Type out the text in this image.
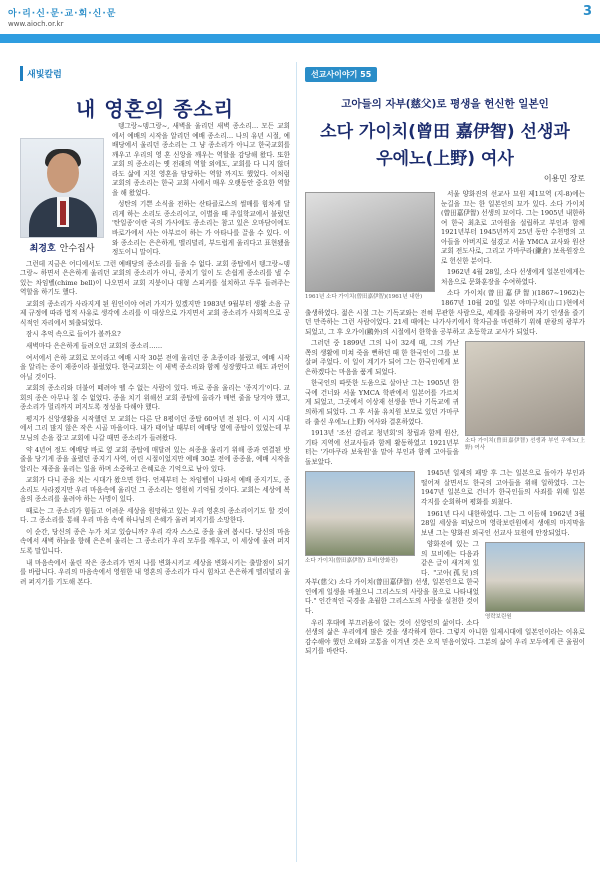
아·리·신·문·교·회·신·문
www.aioch.or.kr
3
새빛칼럼
내 영혼의 종소리
최경호 안수집사

뎅그랑~뎅그랑~, 새벽을 울리던 새벽 종소리… 모든 교회에서 예배의 시작을 알리던 예배 종소리… 나의 유년 시절, 예배당에서 울리던 종소리는 그 냥 종소리가 아니고 한국교회를 깨우고 우리의 영 혼 신앙을 깨우는 역할을 감당해 왔다. 또한 교회 의 종소리는 옛 전래의 역할 외에도, 교회를 다 니지 않더라도 삶에 지친 영혼을 담당하는 역할 까지도 했었다. 이처럼 교회의 종소리는 한국 교회 사에서 매우 오랫동안 중요한 역할을 해 왔었다.

성탄의 기쁜 소식을 전하는 산타클로스의 썰매를 힘차게 달리게 하는 소리도 종소리이고, 이별을 때 주일학교에서 불렀던 '탄일종'이란 곡의 가사에도 종소리는 참고 있은 오마담이에도 바로가에서 사는 아부르이 하는 가 아타나를 끌을 수 있다. 이와 종소리는 은은하게, 멜리뎔리, 부드럽게 울리다고 표현됐을 정도이니 말이다.

그런데 지금은 어디에서도 그런 예배당의 종소리를 들을 수 없다. 교회 종탑에서 뎅그랑~뎅그랑~ 하면서 은은하게 울리던 교회의 종소리가 아니, 종치기 일이 도 손쉽게 종소리를 낼 수 있는 차임벨(chime bell)이 나오면서 교회 지붕이나 대형 스피커를 설치하고 두루 들려주는 역할을 하기도 했다.

교회의 종소리가 사라지게 된 원인이야 여러 가지가 있겠지만 1983년 9월부터 생활 소음 규제 규정에 따라 법적 사유로 생각에 소리를 이 대상으로 가지면서 교회 종소리가 사회적으로 공식적인 자리에서 퇴출되었다.

잠시 추억 속으로 들어가 볼까요?

새벽마다 은은하게 들려오던 교회의 종소리……

여서에서 은하 교회로 모이라고 예배 시작 30분 전에 울리던 종 초종이라 불렀고, 예배 시작을 알리는 종이 재종이라 불렀었다. 한국교회는 이 새벽 종소리와 함께 성장했다고 해도 과언이 아닐 것이다.

교회의 종소리와 더불어 떼려야 뗄 수 없는 사람이 있다. 바로 종을 울리는 '종지기'이다. 교회의 종은 아무나 칠 수 없었다. 종을 치기 위해선 교회 종탑에 올라가 매번 줄을 당겨야 했고, 종소리가 멀리까지 퍼지도록 정성을 다해야 했다.

평지가 신앙생활을 시작했던 모 교회는 다른 단 8평이던 종탑 60여년 전 된다. 이 시지 시대에서 그리 많지 않은 작은 시골 마을이다. 내가 태어날 때부터 예배당 옆에 종탑이 있었는데 부모님의 손을 잡고 교회에 나갈 때면 종소리가 들려왔다.

약 4년여 정도 예배당 바로 옆 교회 종탑에 매달려 있는 쇠종을 울리기 위해 종과 연결된 밧줄을 당기게 종을 울렸던 종지기 사역, 어린 시절이었지만 예배 30분 전에 종종을, 예배 시작을 알리는 재종을 울리는 일을 하며 소중하고 은혜로운 기억으로 남아 있다.

교회가 다니 종을 치는 시대가 왔으면 한다. 언제부터 는 차임벨이 나와서 예배 종지기도, 종소리도 사라졌지만 우리 마음속에 울리던 그 종소리는 영원히 기억될 것이다. 교회는 세상에 복음의 종소리를 울려야 하는 사명이 있다.

때로는 그 종소리가 힘들고 어려운 세상을 원망하고 있는 우리 영혼의 종소리이기도 할 것이다. 그 종소리를 통해 우리 마음 속에 하나님의 은혜가 울려 퍼지기를 소망한다.

이 순간, 당신의 종은 누가 치고 있습니까? 우리 각자 스스로 종을 울려 봅시다. 당신의 마음속에서 새벽 하늘을 향해 은은히 울리는 그 종소리가 우리 모두를 깨우고, 이 세상에 울려 퍼지도록 말입니다.

내 마음속에서 울린 작은 종소리가 먼저 나를 변화시키고 세상을 변화시키는 출발점이 되기를 바랍니다. 우리의 마음속에서 영원한 내 영혼의 종소리가 다시 힘차고 은은하게 멜리뎔리 울려 퍼지기를 기도해 본다.

선교사이야기 55
고아들의 자부(慈父)로 평생을 헌신한 일본인
소다 가이치(曾田 嘉伊智) 선생과
우에노(上野) 여사
이용민 장로
1961년 소다 가이치(曾田嘉伊智)(1961년 내한)

서울 양화진의 선교사 묘원 제1묘역 (지-8)에는 눈길을 끄는 한 일본인의 묘가 있다. 소다 가이치(曾田嘉伊智) 선생의 묘이다. 그는 1905년 내한하여 한국 최초로 고아원을 설립하고 부인과 함께 1921년부터 1945년까지 25년 동안 수천명의 고아들을 아버지로 섬겼고 서울 YMCA 교사와 원산교회 전도사로, 그리고 가마쿠라(鎌倉) 보육원장으로 헌신한 분이다.

1962년 4월 28일, 소다 선생에게 일본인에게는 처음으로 문화훈장을 수여하였다.

소다 가이치(曾田嘉伊智)(1867~1962)는 1867년 10월 20일 일본 야마구치(山口)현에서 출생하였다. 젊은 시절 그는 기독교와는 전혀 무관한 사람으로, 세계를 유랑하며 자기 인생을 즐기던 만족하는 그런 사람이었다. 21세 때에는 나가사키에서 학자금을 마련하기 위해 판광의 광부가 되었고, 그 후 오가이(鷗外)의 시절에서 한학을 공부하고 초등학교 교사가 되었다.

소다 가이치(曾田嘉伊智) 선생과 부인 우에노(上野) 여사

그러던 중 1899년 그의 나이 32세 때, 그의 가난 쪽의 생활에 미쳐 죽을 뻔하던 때 한 한국인이 그를 보살펴 주었다. 이 일이 계기가 되어 그는 한국인에게 보은하겠다는 마음을 품게 되었다.

한국인의 따뜻한 도움으로 살아난 그는 1905년 한국에 건너와 서울 YMCA 학관에서 일본어를 가르치게 되었고, 그곳에서 이상재 선생을 만나 기독교에 귀의하게 되었다. 그 후 서울 유치원 보모로 있던 가마쿠라 출신 우에노(上野) 여사와 결혼하였다.

1913년 '조선 감리교 청년회'의 창립과 함께 원산, 기타 지역에 선교사들과 함께 활동하였고 1921년부터는 '가마쿠라 보육원'을 맡아 부인과 함께 고아들을 돌보았다.

소다 가이치(曾田嘉伊智) 묘비(양화진)

1945년 일제의 패망 후 그는 일본으로 돌아가 부인과 떨어져 살면서도 한국의 고아들을 위해 일하였다. 그는 1947년 일본으로 건너가 한국인들의 사죄를 위해 일본 각지를 순회하며 평화를 외쳤다.

1961년 다시 내한하였다. 그는 그 이듬해 1962년 3월 28일 세상을 떠났으며 영락보린원에서 생애의 마지막을 보낸 그는 양화진 외국인 선교사 묘원에 안장되었다.

영락보린원

양화진에 있는 그의 묘비에는 다음과 같은 글이 새겨져 있다. "고아(孤兒)의 자부(慈父) 소다 가이치(曾田嘉伊智) 선생, 일본인으로 한국인에게 일생을 바쳤으니 그리스도의 사랑을 몸으로 나타내었다." 인간적인 국경을 초월한 그리스도의 사랑을 실천한 것이다.

우리 후대에 부끄러움이 없는 것이 신앙인의 삶이다. 소다 선생의 삶은 우리에게 많은 것을 생각하게 한다. 그렇지 아니한 일제시대에 일본인이라는 이유로 감수해야 했던 오해와 고통을 이겨낸 것은 오직 믿음이었다. 그분의 삶이 우리 모두에게 큰 울림이 되기를 바란다.
